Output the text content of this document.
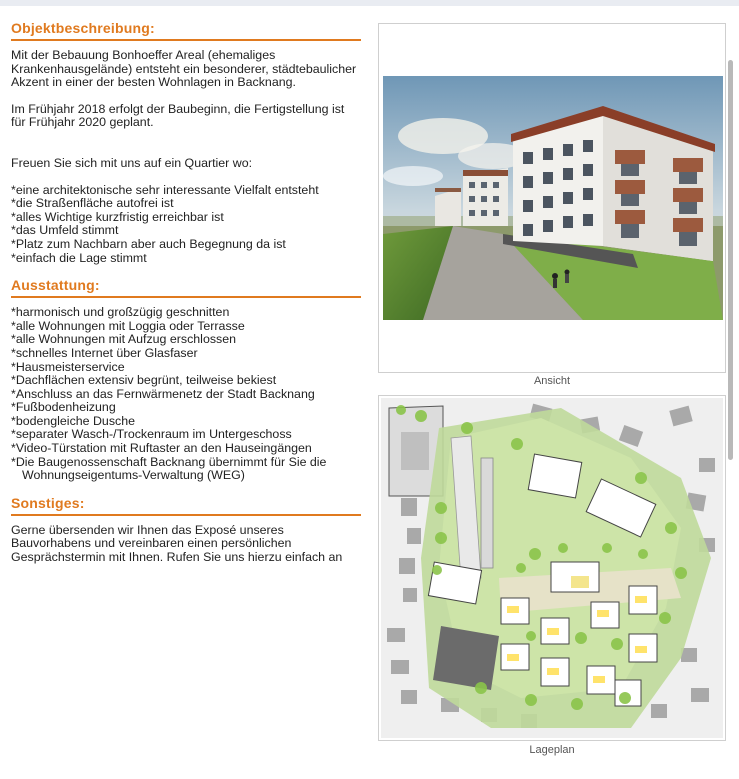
Objektbeschreibung:

Mit der Bebauung Bonhoeffer Areal (ehemaliges Krankenhausgelände) entsteht ein besonderer, städtebaulicher Akzent in einer der besten Wohnlagen in Backnang.

Im Frühjahr 2018 erfolgt der Baubeginn, die Fertigstellung ist für Frühjahr 2020 geplant.

Freuen Sie sich mit uns auf ein Quartier wo:

*eine architektonische sehr interessante Vielfalt entsteht
*die Straßenfläche autofrei ist
*alles Wichtige kurzfristig erreichbar ist
*das Umfeld stimmt
*Platz zum Nachbarn aber auch Begegnung da ist
*einfach die Lage stimmt
Ausstattung:
*harmonisch und großzügig geschnitten
*alle Wohnungen mit Loggia oder Terrasse
*alle Wohnungen mit Aufzug erschlossen
*schnelles Internet über Glasfaser
*Hausmeisterservice
*Dachflächen extensiv begrünt, teilweise bekiest
*Anschluss an das Fernwärmenetz der Stadt Backnang
*Fußbodenheizung
*bodengleiche Dusche
*separater Wasch-/Trockenraum im Untergeschoss
*Video-Türstation mit Ruftaster an den Hauseingängen
*Die Baugenossenschaft Backnang übernimmt für Sie die Wohnungseigentums-Verwaltung (WEG)
Sonstiges:

Gerne übersenden wir Ihnen das Exposé unseres Bauvorhabens und vereinbaren einen persönlichen Gesprächstermin mit Ihnen. Rufen Sie uns hierzu einfach an

Ansicht
Lageplan
